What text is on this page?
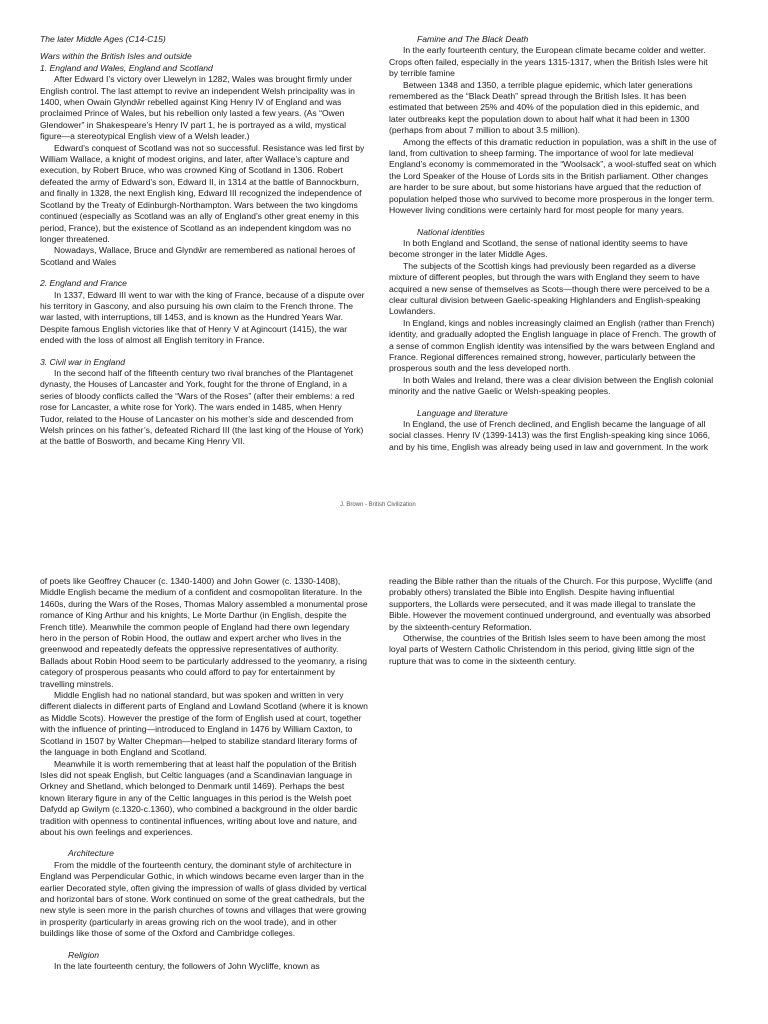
The later Middle Ages (C14-C15)

Wars within the British Isles and outside

1. England and Wales, England and Scotland

After Edward I’s victory over Llewelyn in 1282, Wales was brought firmly under English control. The last attempt to revive an independent Welsh principality was in 1400, when Owain Glyndŵr rebelled against King Henry IV of England and was proclaimed Prince of Wales, but his rebellion only lasted a few years. (As “Owen Glendower” in Shakespeare’s Henry IV part 1, he is portrayed as a wild, mystical figure—a stereotypical English view of a Welsh leader.)

Edward’s conquest of Scotland was not so successful. Resistance was led first by William Wallace, a knight of modest origins, and later, after Wallace’s capture and execution, by Robert Bruce, who was crowned King of Scotland in 1306. Robert defeated the army of Edward’s son, Edward II, in 1314 at the battle of Bannockburn, and finally in 1328, the next English king, Edward III recognized the independence of Scotland by the Treaty of Edinburgh-Northampton. Wars between the two kingdoms continued (especially as Scotland was an ally of England’s other great enemy in this period, France), but the existence of Scotland as an independent kingdom was no longer threatened.

Nowadays, Wallace, Bruce and Glyndŵr are remembered as national heroes of Scotland and Wales

2. England and France

In 1337, Edward III went to war with the king of France, because of a dispute over his territory in Gascony, and also pursuing his own claim to the French throne. The war lasted, with interruptions, till 1453, and is known as the Hundred Years War. Despite famous English victories like that of Henry V at Agincourt (1415), the war ended with the loss of almost all English territory in France.

3. Civil war in England

In the second half of the fifteenth century two rival branches of the Plantagenet dynasty, the Houses of Lancaster and York, fought for the throne of England, in a series of bloody conflicts called the “Wars of the Roses” (after their emblems: a red rose for Lancaster, a white rose for York). The wars ended in 1485, when Henry Tudor, related to the House of Lancaster on his mother’s side and descended from Welsh princes on his father’s, defeated Richard III (the last king of the House of York) at the battle of Bosworth, and became King Henry VII.

Famine and The Black Death

In the early fourteenth century, the European climate became colder and wetter. Crops often failed, especially in the years 1315-1317, when the British Isles were hit by terrible famine

Between 1348 and 1350, a terrible plague epidemic, which later generations remembered as the “Black Death” spread through the British Isles. It has been estimated that between 25% and 40% of the population died in this epidemic, and later outbreaks kept the population down to about half what it had been in 1300 (perhaps from about 7 million to about 3.5 million).

Among the effects of this dramatic reduction in population, was a shift in the use of land, from cultivation to sheep farming. The importance of wool for late medieval England’s economy is commemorated in the “Woolsack”, a wool-stuffed seat on which the Lord Speaker of the House of Lords sits in the British parliament. Other changes are harder to be sure about, but some historians have argued that the reduction of population helped those who survived to become more prosperous in the longer term. However living conditions were certainly hard for most people for many years.

National identities

In both England and Scotland, the sense of national identity seems to have become stronger in the later Middle Ages.

The subjects of the Scottish kings had previously been regarded as a diverse mixture of different peoples, but through the wars with England they seem to have acquired a new sense of themselves as Scots—though there were perceived to be a clear cultural division between Gaelic-speaking Highlanders and English-speaking Lowlanders.

In England, kings and nobles increasingly claimed an English (rather than French) identity, and gradually adopted the English language in place of French. The growth of a sense of common English identity was intensified by the wars between England and France. Regional differences remained strong, however, particularly between the prosperous south and the less developed north.

In both Wales and Ireland, there was a clear division between the English colonial minority and the native Gaelic or Welsh-speaking peoples.

Language and literature

In England, the use of French declined, and English became the language of all social classes. Henry IV (1399-1413) was the first English-speaking king since 1066, and by his time, English was already being used in law and government. In the work

J. Brown - British Civilization

of poets like Geoffrey Chaucer (c. 1340-1400) and John Gower (c. 1330-1408), Middle English became the medium of a confident and cosmopolitan literature. In the 1460s, during the Wars of the Roses, Thomas Malory assembled a monumental prose romance of King Arthur and his knights, Le Morte Darthur (in English, despite the French title). Meanwhile the common people of England had there own legendary hero in the person of Robin Hood, the outlaw and expert archer who lives in the greenwood and repeatedly defeats the oppressive representatives of authority. Ballads about Robin Hood seem to be particularly addressed to the yeomanry, a rising category of prosperous peasants who could afford to pay for entertainment by travelling minstrels.

Middle English had no national standard, but was spoken and written in very different dialects in different parts of England and Lowland Scotland (where it is known as Middle Scots). However the prestige of the form of English used at court, together with the influence of printing—introduced to England in 1476 by William Caxton, to Scotland in 1507 by Walter Chepman—helped to stabilize standard literary forms of the language in both England and Scotland.

Meanwhile it is worth remembering that at least half the population of the British Isles did not speak English, but Celtic languages (and a Scandinavian language in Orkney and Shetland, which belonged to Denmark until 1469). Perhaps the best known literary figure in any of the Celtic languages in this period is the Welsh poet Dafydd ap Gwilym (c.1320-c.1360), who combined a background in the older bardic tradition with openness to continental influences, writing about love and nature, and about his own feelings and experiences.

Architecture

From the middle of the fourteenth century, the dominant style of architecture in England was Perpendicular Gothic, in which windows became even larger than in the earlier Decorated style, often giving the impression of walls of glass divided by vertical and horizontal bars of stone. Work continued on some of the great cathedrals, but the new style is seen more in the parish churches of towns and villages that were growing in prosperity (particularly in areas growing rich on the wool trade), and in other buildings like those of some of the Oxford and Cambridge colleges.

Religion

In the late fourteenth century, the followers of John Wycliffe, known as

reading the Bible rather than the rituals of the Church. For this purpose, Wycliffe (and probably others) translated the Bible into English. Despite having influential supporters, the Lollards were persecuted, and it was made illegal to translate the Bible. However the movement continued underground, and eventually was absorbed by the sixteenth-century Reformation.

Otherwise, the countries of the British Isles seem to have been among the most loyal parts of Western Catholic Christendom in this period, giving little sign of the rupture that was to come in the sixteenth century.
